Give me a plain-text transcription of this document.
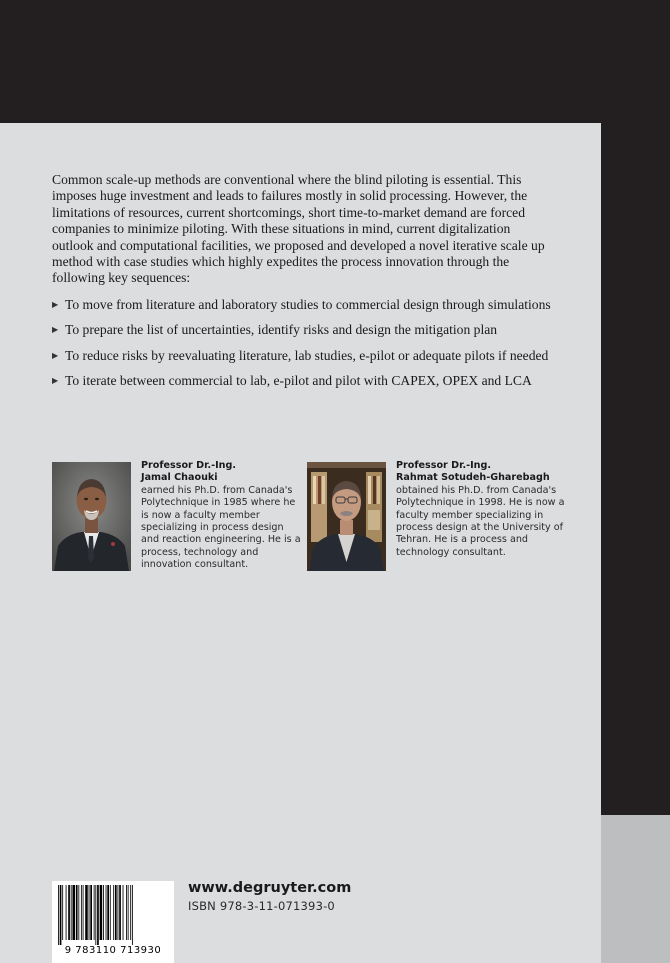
Common scale-up methods are conventional where the blind piloting is essential. This imposes huge investment and leads to failures mostly in solid processing. However, the limitations of resources, current shortcomings, short time-to-market demand are forced companies to minimize piloting. With these situations in mind, current digitalization outlook and computational facilities, we proposed and developed a novel iterative scale up method with case studies which highly expedites the process innovation through the following key sequences:

▶ To move from literature and laboratory studies to commercial design through simulations
▶ To prepare the list of uncertainties, identify risks and design the mitigation plan
▶ To reduce risks by reevaluating literature, lab studies, e-pilot or adequate pilots if needed
▶ To iterate between commercial to lab, e-pilot and pilot with CAPEX, OPEX and LCA

Professor Dr.-Ing.
Jamal Chaouki
earned his Ph.D. from Canada's Polytechnique in 1985 where he is now a faculty member specializing in process design and reaction engineering. He is a process, technology and innovation consultant.

Professor Dr.-Ing.
Rahmat Sotudeh-Gharebagh
obtained his Ph.D. from Canada's Polytechnique in 1998. He is now a faculty member specializing in process design at the University of Tehran. He is a process and technology consultant.

9 783110 713930
www.degruyter.com
ISBN 978-3-11-071393-0
